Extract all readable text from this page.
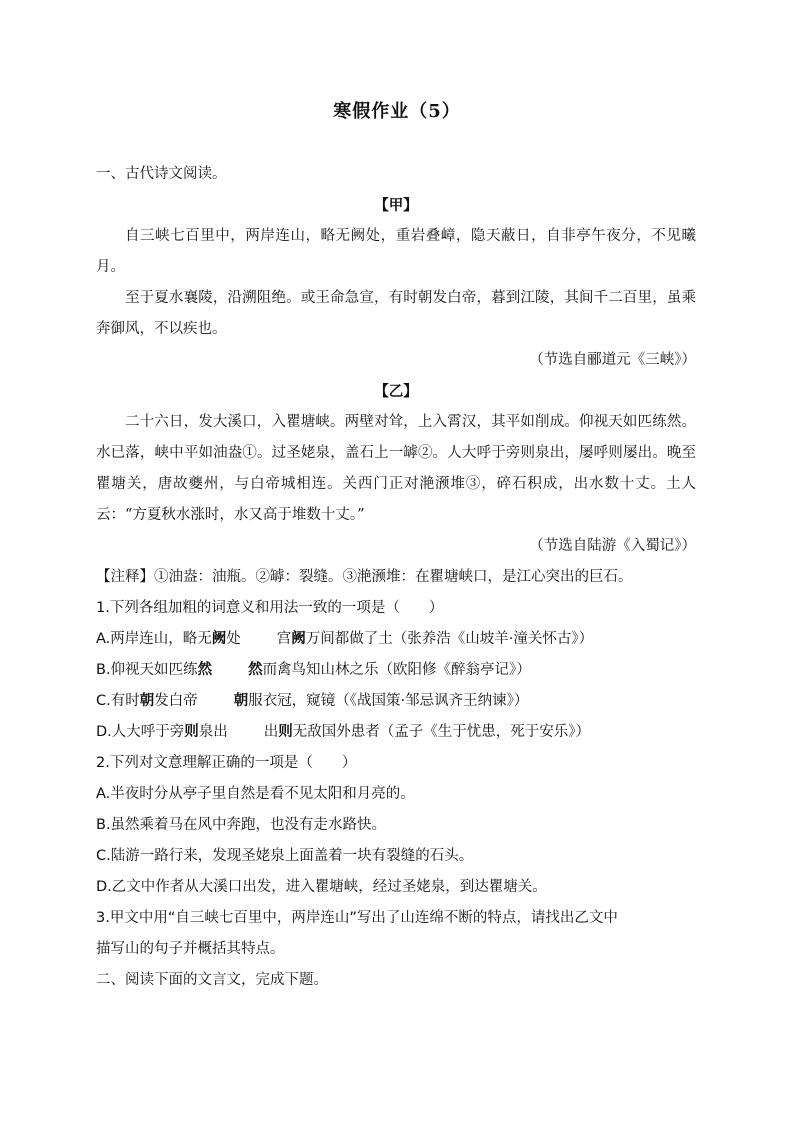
寒假作业（5）
一、古代诗文阅读。
【甲】
自三峡七百里中，两岸连山，略无阙处，重岩叠嶂，隐天蔽日，自非亭午夜分，不见曦月。
至于夏水襄陵，沿溯阻绝。或王命急宣，有时朝发白帝，暮到江陵，其间千二百里，虽乘奔御风，不以疾也。
（节选自郦道元《三峡》）
【乙】
二十六日，发大溪口，入瞿塘峡。两壁对耸，上入霄汉，其平如削成。仰视天如匹练然。水已落，峡中平如油盎①。过圣姥泉，盖石上一罅②。人大呼于旁则泉出，屡呼则屡出。晚至瞿塘关，唐故夔州，与白帝城相连。关西门正对滟滪堆③，碎石积成，出水数十丈。土人云：“方夏秋水涨时，水又高于堆数十丈。”
（节选自陆游《入蜀记》）
【注释】①油盎：油瓶。②罅：裂缝。③滟滪堆：在瞿塘峡口，是江心突出的巨石。
1.下列各组加粗的词意义和用法一致的一项是（　　）
A.两岸连山，略无阙处 宫阙万间都做了土（张养浩《山坡羊·潼关怀古》）
B.仰视天如匹练然 然而禽鸟知山林之乐（欧阳修《醉翁亭记》）
C.有时朝发白帝 朝服衣冠，窥镜（《战国策·邹忌讽齐王纳谏》）
D.人大呼于旁则泉出 出则无敌国外患者（孟子《生于忧患，死于安乐》）
2.下列对文意理解正确的一项是（　　）
A.半夜时分从亭子里自然是看不见太阳和月亮的。
B.虽然乘着马在风中奔跑，也没有走水路快。
C.陆游一路行来，发现圣姥泉上面盖着一块有裂缝的石头。
D.乙文中作者从大溪口出发，进入瞿塘峡，经过圣姥泉，到达瞿塘关。
3.甲文中用“自三峡七百里中，两岸连山”写出了山连绵不断的特点，请找出乙文中
描写山的句子并概括其特点。
二、阅读下面的文言文，完成下题。
